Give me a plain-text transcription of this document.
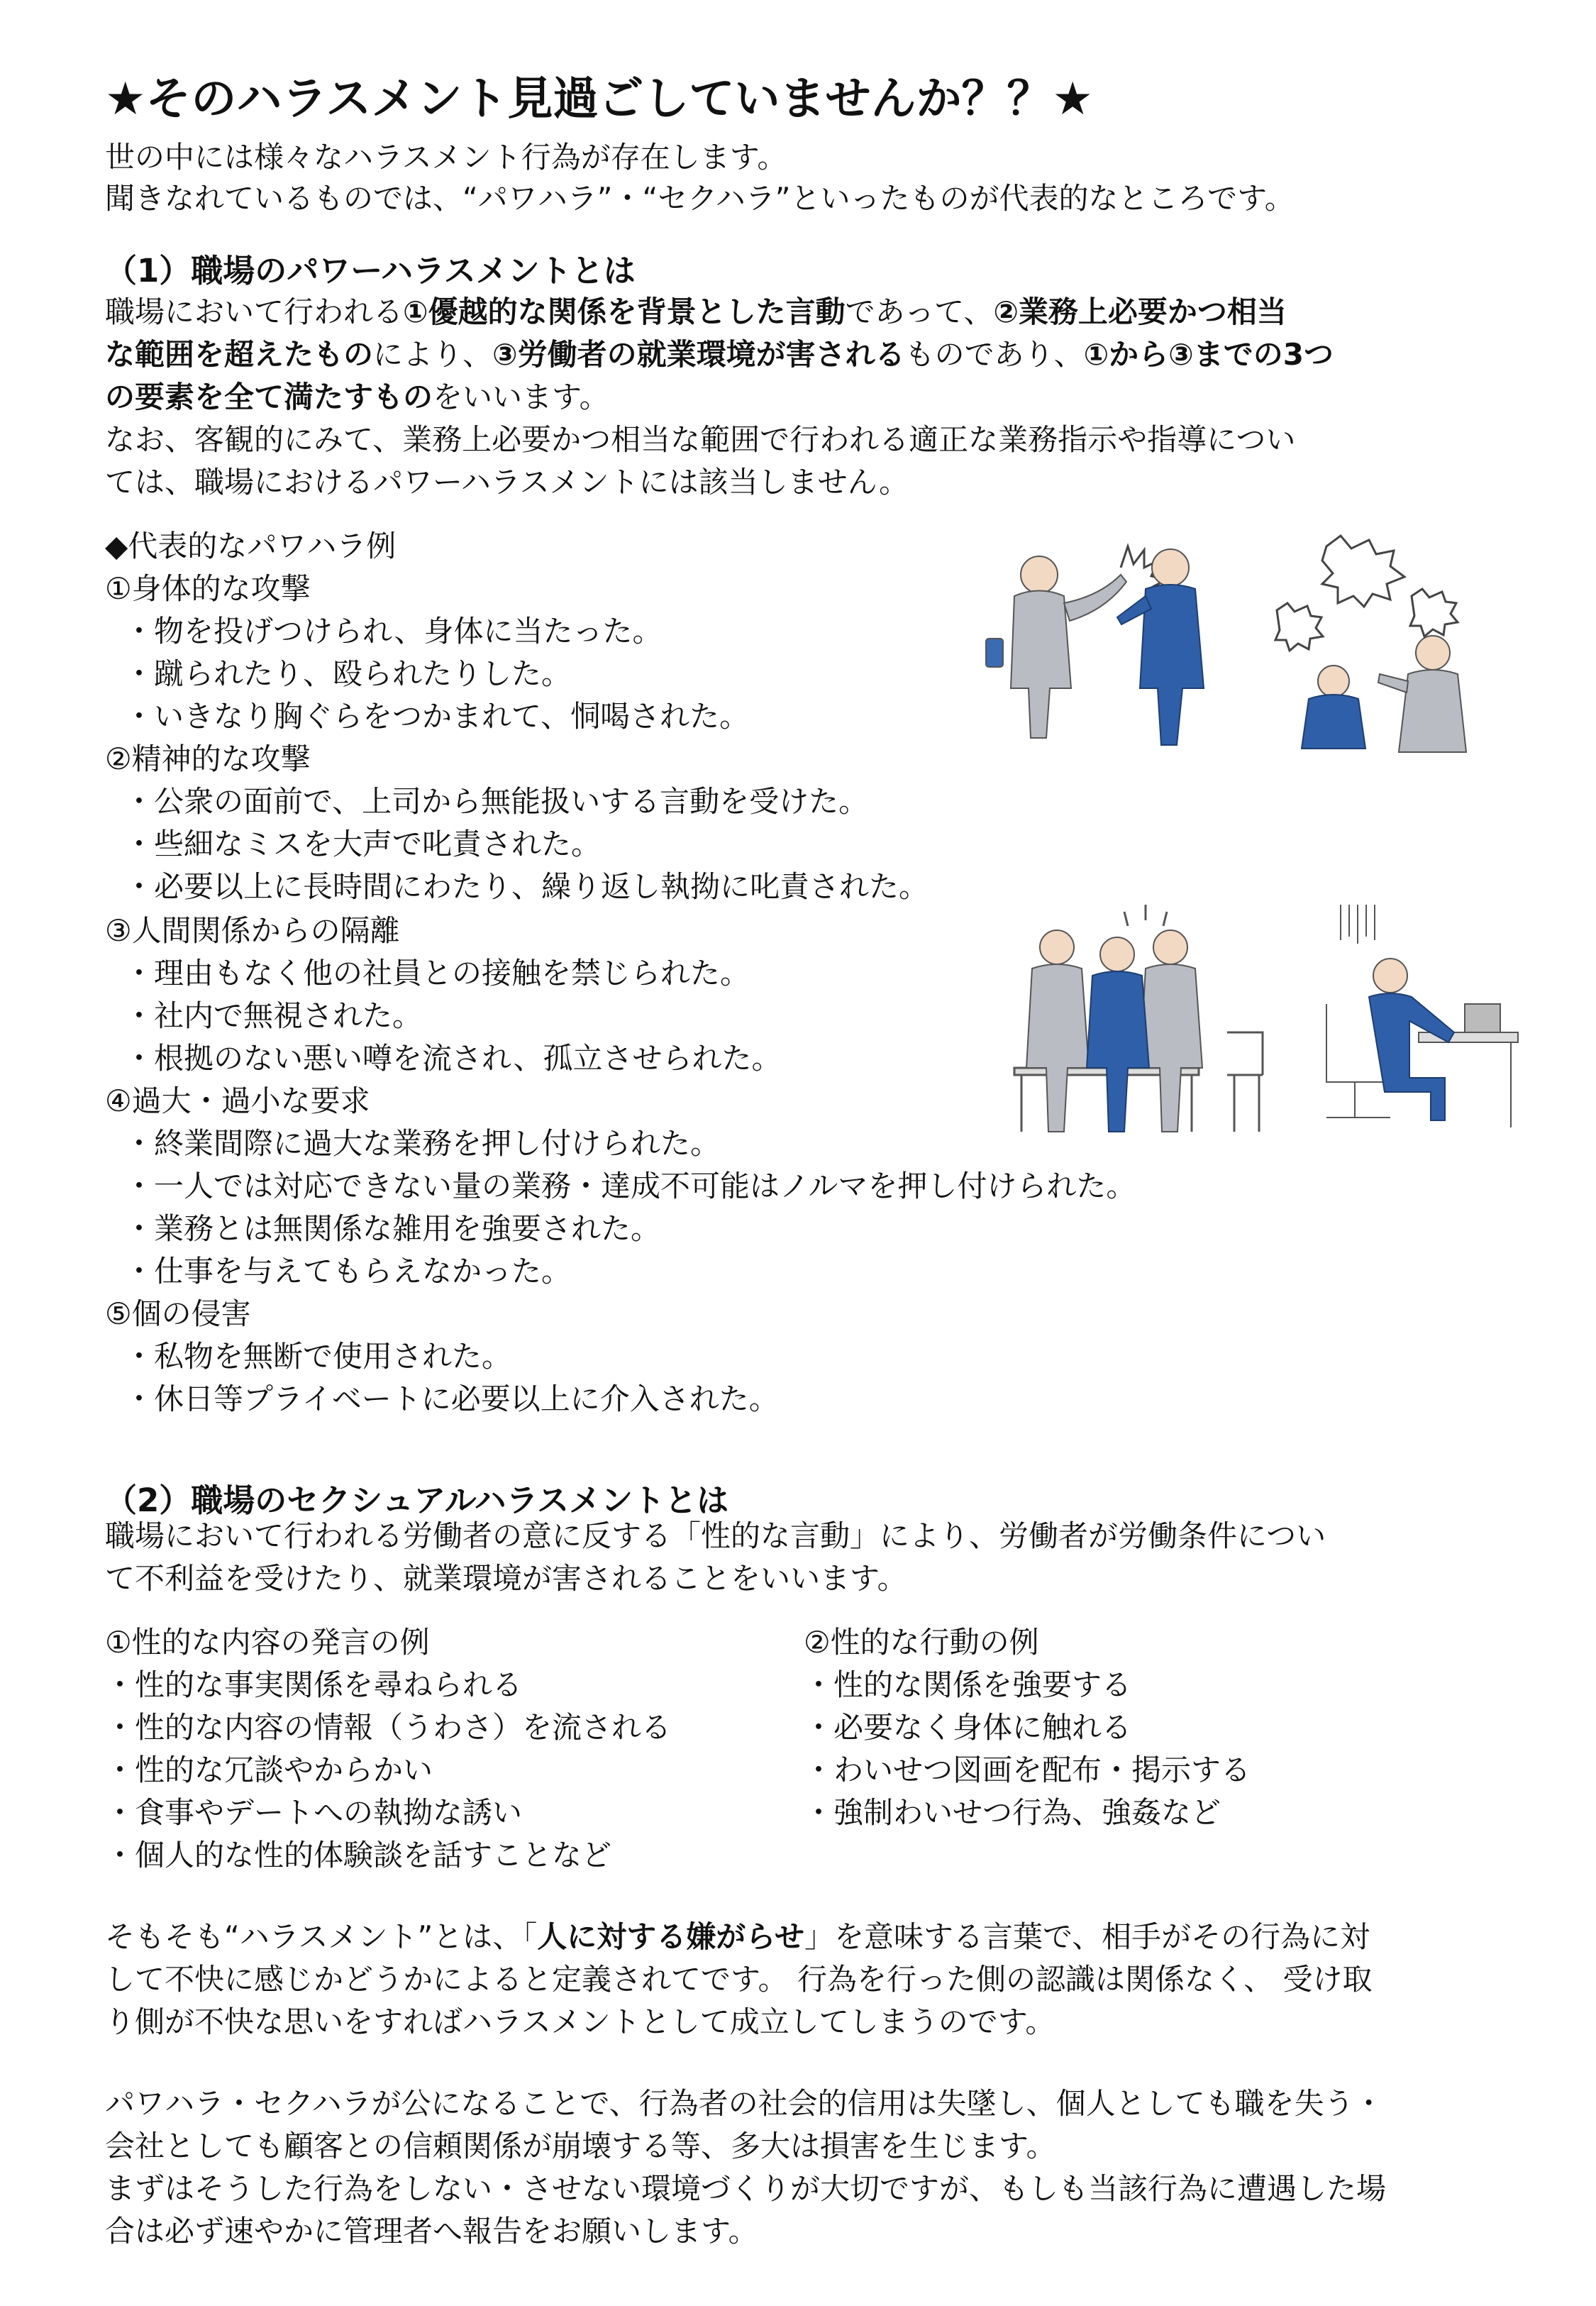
★そのハラスメント見過ごしていませんか？？★
世の中には様々なハラスメント行為が存在します。
聞きなれているものでは、“パワハラ”・“セクハラ”といったものが代表的なところです。
（1）職場のパワーハラスメントとは
職場において行われる①優越的な関係を背景とした言動であって、②業務上必要かつ相当
な範囲を超えたものにより、③労働者の就業環境が害されるものであり、①から③までの3つ
の要素を全て満たすものをいいます。
なお、客観的にみて、業務上必要かつ相当な範囲で行われる適正な業務指示や指導につい
ては、職場におけるパワーハラスメントには該当しません。
◆代表的なパワハラ例
①身体的な攻撃
・物を投げつけられ、身体に当たった。
・蹴られたり、殴られたりした。
・いきなり胸ぐらをつかまれて、恫喝された。
②精神的な攻撃
・公衆の面前で、上司から無能扱いする言動を受けた。
・些細なミスを大声で叱責された。
・必要以上に長時間にわたり、繰り返し執拗に叱責された。
③人間関係からの隔離
・理由もなく他の社員との接触を禁じられた。
・社内で無視された。
・根拠のない悪い噂を流され、孤立させられた。
④過大・過小な要求
・終業間際に過大な業務を押し付けられた。
・一人では対応できない量の業務・達成不可能はノルマを押し付けられた。
・業務とは無関係な雑用を強要された。
・仕事を与えてもらえなかった。
⑤個の侵害
・私物を無断で使用された。
・休日等プライベートに必要以上に介入された。
（2）職場のセクシュアルハラスメントとは
職場において行われる労働者の意に反する「性的な言動」により、労働者が労働条件につい
て不利益を受けたり、就業環境が害されることをいいます。
①性的な内容の発言の例
・性的な事実関係を尋ねられる
・性的な内容の情報（うわさ）を流される
・性的な冗談やからかい
・食事やデートへの執拗な誘い
・個人的な性的体験談を話すことなど
②性的な行動の例
・性的な関係を強要する
・必要なく身体に触れる
・わいせつ図画を配布・掲示する
・強制わいせつ行為、強姦など
そもそも“ハラスメント”とは、「人に対する嫌がらせ」を意味する言葉で、相手がその行為に対
して不快に感じかどうかによると定義されてです。 行為を行った側の認識は関係なく、 受け取
り側が不快な思いをすればハラスメントとして成立してしまうのです。
パワハラ・セクハラが公になることで、行為者の社会的信用は失墜し、個人としても職を失う・
会社としても顧客との信頼関係が崩壊する等、多大は損害を生じます。
まずはそうした行為をしない・させない環境づくりが大切ですが、もしも当該行為に遭遇した場
合は必ず速やかに管理者へ報告をお願いします。
